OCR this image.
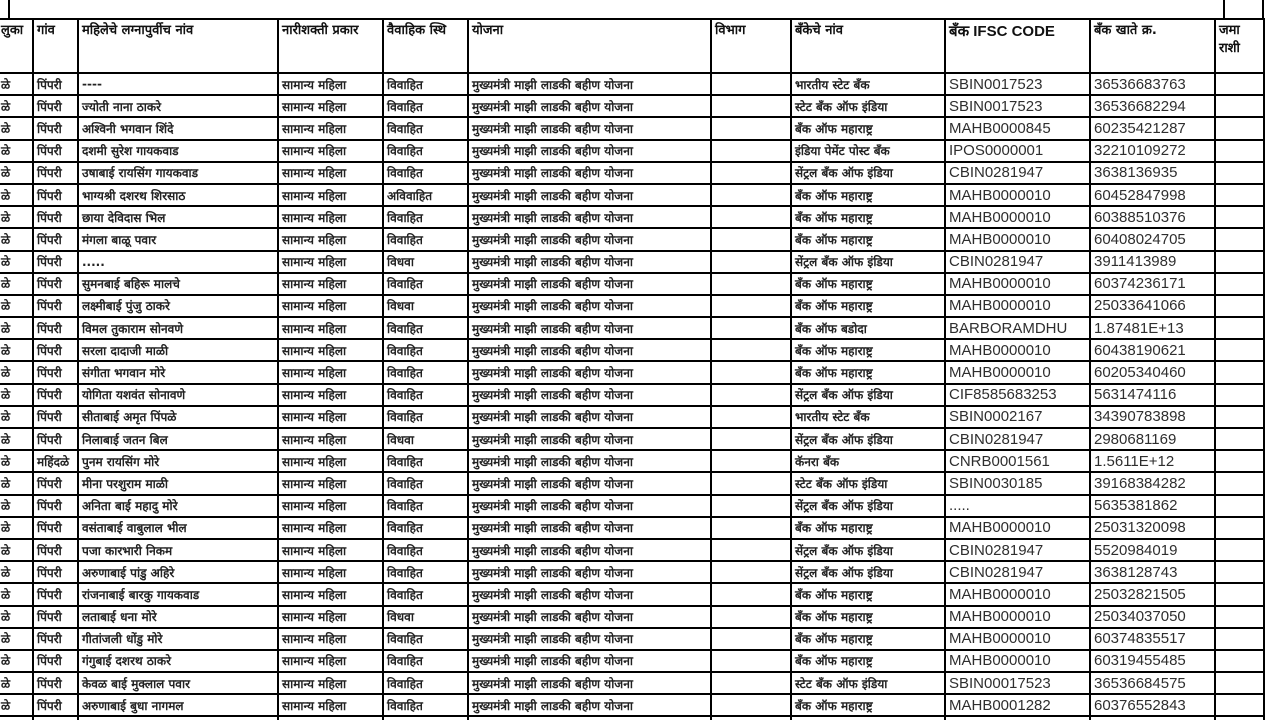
लुका	गांव	महिलेचे लग्नापुर्वीच नांव	नारीशक्ती प्रकार	वैवाहिक स्थि	योजना	विभाग	बँकेचे नांव	बँक IFSC CODE	बँक खाते क्र.	जमा राशी
ळे	पिंपरी	----	सामान्य महिला	विवाहित	मुख्यमंत्री माझी लाडकी बहीण योजना		भारतीय स्टेट बँक	SBIN0017523	36536683763	
ळे	पिंपरी	ज्योती नाना ठाकरे	सामान्य महिला	विवाहित	मुख्यमंत्री माझी लाडकी बहीण योजना		स्टेट बँक ऑफ इंडिया	SBIN0017523	36536682294	
ळे	पिंपरी	अश्विनी भगवान शिंदे	सामान्य महिला	विवाहित	मुख्यमंत्री माझी लाडकी बहीण योजना		बँक ऑफ महाराष्ट्र	MAHB0000845	60235421287	
ळे	पिंपरी	दशमी सुरेश गायकवाड	सामान्य महिला	विवाहित	मुख्यमंत्री माझी लाडकी बहीण योजना		इंडिया पेमेंट पोस्ट बँक	IPOS0000001	32210109272	
ळे	पिंपरी	उषाबाई रायसिंग गायकवाड	सामान्य महिला	विवाहित	मुख्यमंत्री माझी लाडकी बहीण योजना		सेंट्रल बँक ऑफ इंडिया	CBIN0281947	3638136935	
ळे	पिंपरी	भाग्यश्री दशरथ शिरसाठ	सामान्य महिला	अविवाहित	मुख्यमंत्री माझी लाडकी बहीण योजना		बँक ऑफ महाराष्ट्र	MAHB0000010	60452847998	
ळे	पिंपरी	छाया देविदास भिल	सामान्य महिला	विवाहित	मुख्यमंत्री माझी लाडकी बहीण योजना		बँक ऑफ महाराष्ट्र	MAHB0000010	60388510376	
ळे	पिंपरी	मंगला बाळू पवार	सामान्य महिला	विवाहित	मुख्यमंत्री माझी लाडकी बहीण योजना		बँक ऑफ महाराष्ट्र	MAHB0000010	60408024705	
ळे	पिंपरी	.....	सामान्य महिला	विधवा	मुख्यमंत्री माझी लाडकी बहीण योजना		सेंट्रल बँक ऑफ इंडिया	CBIN0281947	3911413989	
ळे	पिंपरी	सुमनबाई बहिरू मालचे	सामान्य महिला	विवाहित	मुख्यमंत्री माझी लाडकी बहीण योजना		बँक ऑफ महाराष्ट्र	MAHB0000010	60374236171	
ळे	पिंपरी	लक्ष्मीबाई पुंजु ठाकरे	सामान्य महिला	विधवा	मुख्यमंत्री माझी लाडकी बहीण योजना		बँक ऑफ महाराष्ट्र	MAHB0000010	25033641066	
ळे	पिंपरी	विमल तुकाराम सोनवणे	सामान्य महिला	विवाहित	मुख्यमंत्री माझी लाडकी बहीण योजना		बँक ऑफ बडोदा	BARBORAMDHU	1.87481E+13	
ळे	पिंपरी	सरला दादाजी माळी	सामान्य महिला	विवाहित	मुख्यमंत्री माझी लाडकी बहीण योजना		बँक ऑफ महाराष्ट्र	MAHB0000010	60438190621	
ळे	पिंपरी	संगीता भगवान मोरे	सामान्य महिला	विवाहित	मुख्यमंत्री माझी लाडकी बहीण योजना		बँक ऑफ महाराष्ट्र	MAHB0000010	60205340460	
ळे	पिंपरी	योगिता यशवंत सोनावणे	सामान्य महिला	विवाहित	मुख्यमंत्री माझी लाडकी बहीण योजना		सेंट्रल बँक ऑफ इंडिया	CIF8585683253	5631474116	
ळे	पिंपरी	सीताबाई अमृत पिंपळे	सामान्य महिला	विवाहित	मुख्यमंत्री माझी लाडकी बहीण योजना		भारतीय स्टेट बँक	SBIN0002167	34390783898	
ळे	पिंपरी	निलाबाई जतन बिल	सामान्य महिला	विधवा	मुख्यमंत्री माझी लाडकी बहीण योजना		सेंट्रल बँक ऑफ इंडिया	CBIN0281947	2980681169	
ळे	महिंदळे	पुनम रायसिंग मोरे	सामान्य महिला	विवाहित	मुख्यमंत्री माझी लाडकी बहीण योजना		कॅनरा बँक	CNRB0001561	1.5611E+12	
ळे	पिंपरी	मीना परशुराम माळी	सामान्य महिला	विवाहित	मुख्यमंत्री माझी लाडकी बहीण योजना		स्टेट बँक ऑफ इंडिया	SBIN0030185	39168384282	
ळे	पिंपरी	अनिता बाई महादु मोरे	सामान्य महिला	विवाहित	मुख्यमंत्री माझी लाडकी बहीण योजना		सेंट्रल बँक ऑफ इंडिया	.....	5635381862	
ळे	पिंपरी	वसंताबाई वाबुलाल भील	सामान्य महिला	विवाहित	मुख्यमंत्री माझी लाडकी बहीण योजना		बँक ऑफ महाराष्ट्र	MAHB0000010	25031320098	
ळे	पिंपरी	पजा कारभारी निकम	सामान्य महिला	विवाहित	मुख्यमंत्री माझी लाडकी बहीण योजना		सेंट्रल बँक ऑफ इंडिया	CBIN0281947	5520984019	
ळे	पिंपरी	अरुणाबाई पांडु अहिरे	सामान्य महिला	विवाहित	मुख्यमंत्री माझी लाडकी बहीण योजना		सेंट्रल बँक ऑफ इंडिया	CBIN0281947	3638128743	
ळे	पिंपरी	रांजनाबाई बारकु गायकवाड	सामान्य महिला	विवाहित	मुख्यमंत्री माझी लाडकी बहीण योजना		बँक ऑफ महाराष्ट्र	MAHB0000010	25032821505	
ळे	पिंपरी	लताबाई धना मोरे	सामान्य महिला	विधवा	मुख्यमंत्री माझी लाडकी बहीण योजना		बँक ऑफ महाराष्ट्र	MAHB0000010	25034037050	
ळे	पिंपरी	गीतांजली धोंडु मोरे	सामान्य महिला	विवाहित	मुख्यमंत्री माझी लाडकी बहीण योजना		बँक ऑफ महाराष्ट्र	MAHB0000010	60374835517	
ळे	पिंपरी	गंगुबाई दशरथ ठाकरे	सामान्य महिला	विवाहित	मुख्यमंत्री माझी लाडकी बहीण योजना		बँक ऑफ महाराष्ट्र	MAHB0000010	60319455485	
ळे	पिंपरी	केवळ बाई मुक्लाल पवार	सामान्य महिला	विवाहित	मुख्यमंत्री माझी लाडकी बहीण योजना		स्टेट बँक ऑफ इंडिया	SBIN00017523	36536684575	
ळे	पिंपरी	अरुणाबाई बुधा नागमल	सामान्य महिला	विवाहित	मुख्यमंत्री माझी लाडकी बहीण योजना		बँक ऑफ महाराष्ट्र	MAHB0001282	60376552843	
